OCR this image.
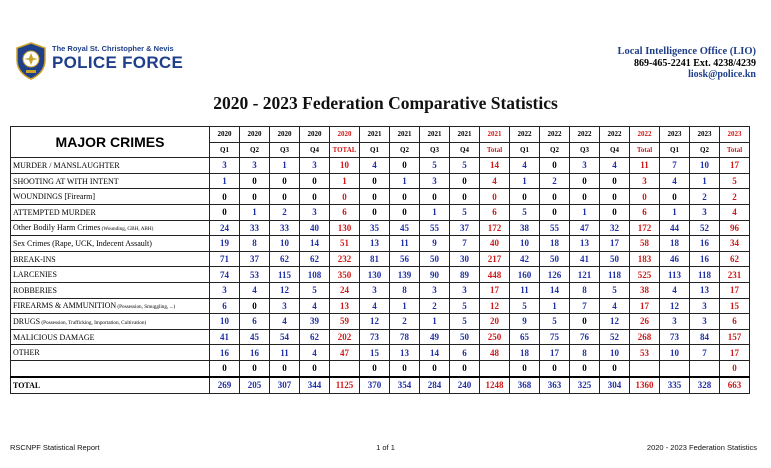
The Royal St. Christopher & Nevis
POLICE FORCE
Local Intelligence Office (LIO)
869-465-2241 Ext. 4238/4239
liosk@police.kn
2020 - 2023 Federation Comparative Statistics
MAJOR CRIMES	2020	2020	2020	2020	2020	2021	2021	2021	2021	2021	2022	2022	2022	2022	2022	2023	2023	2023
	Q1	Q2	Q3	Q4	TOTAL	Q1	Q2	Q3	Q4	Total	Q1	Q2	Q3	Q4	Total	Q1	Q2	Total
MURDER / MANSLAUGHTER	3	3	1	3	10	4	0	5	5	14	4	0	3	4	11	7	10	17
SHOOTING AT WITH INTENT	1	0	0	0	1	0	1	3	0	4	1	2	0	0	3	4	1	5
WOUNDINGS [Firearm]	0	0	0	0	0	0	0	0	0	0	0	0	0	0	0	0	2	2
ATTEMPTED MURDER	0	1	2	3	6	0	0	1	5	6	5	0	1	0	6	1	3	4
Other Bodily Harm Crimes (Wounding, GBH, ABH)	24	33	33	40	130	35	45	55	37	172	38	55	47	32	172	44	52	96
Sex Crimes (Rape, UCK, Indecent Assault)	19	8	10	14	51	13	11	9	7	40	10	18	13	17	58	18	16	34
BREAK-INS	71	37	62	62	232	81	56	50	30	217	42	50	41	50	183	46	16	62
LARCENIES	74	53	115	108	350	130	139	90	89	448	160	126	121	118	525	113	118	231
ROBBERIES	3	4	12	5	24	3	8	3	3	17	11	14	8	5	38	4	13	17
FIREARMS & AMMUNITION (Possession, Smuggling, ...)	6	0	3	4	13	4	1	2	5	12	5	1	7	4	17	12	3	15
DRUGS (Possession, Trafficking, Importation, Cultivation)	10	6	4	39	59	12	2	1	5	20	9	5	0	12	26	3	3	6
MALICIOUS DAMAGE	41	45	54	62	202	73	78	49	50	250	65	75	76	52	268	73	84	157
OTHER	16	16	11	4	47	15	13	14	6	48	18	17	8	10	53	10	7	17
	0	0	0	0		0	0	0	0		0	0	0	0				0
TOTAL	269	205	307	344	1125	370	354	284	240	1248	368	363	325	304	1360	335	328	663
RSCNPF Statistical Report	1 of 1	2020 - 2023 Federation Statistics
